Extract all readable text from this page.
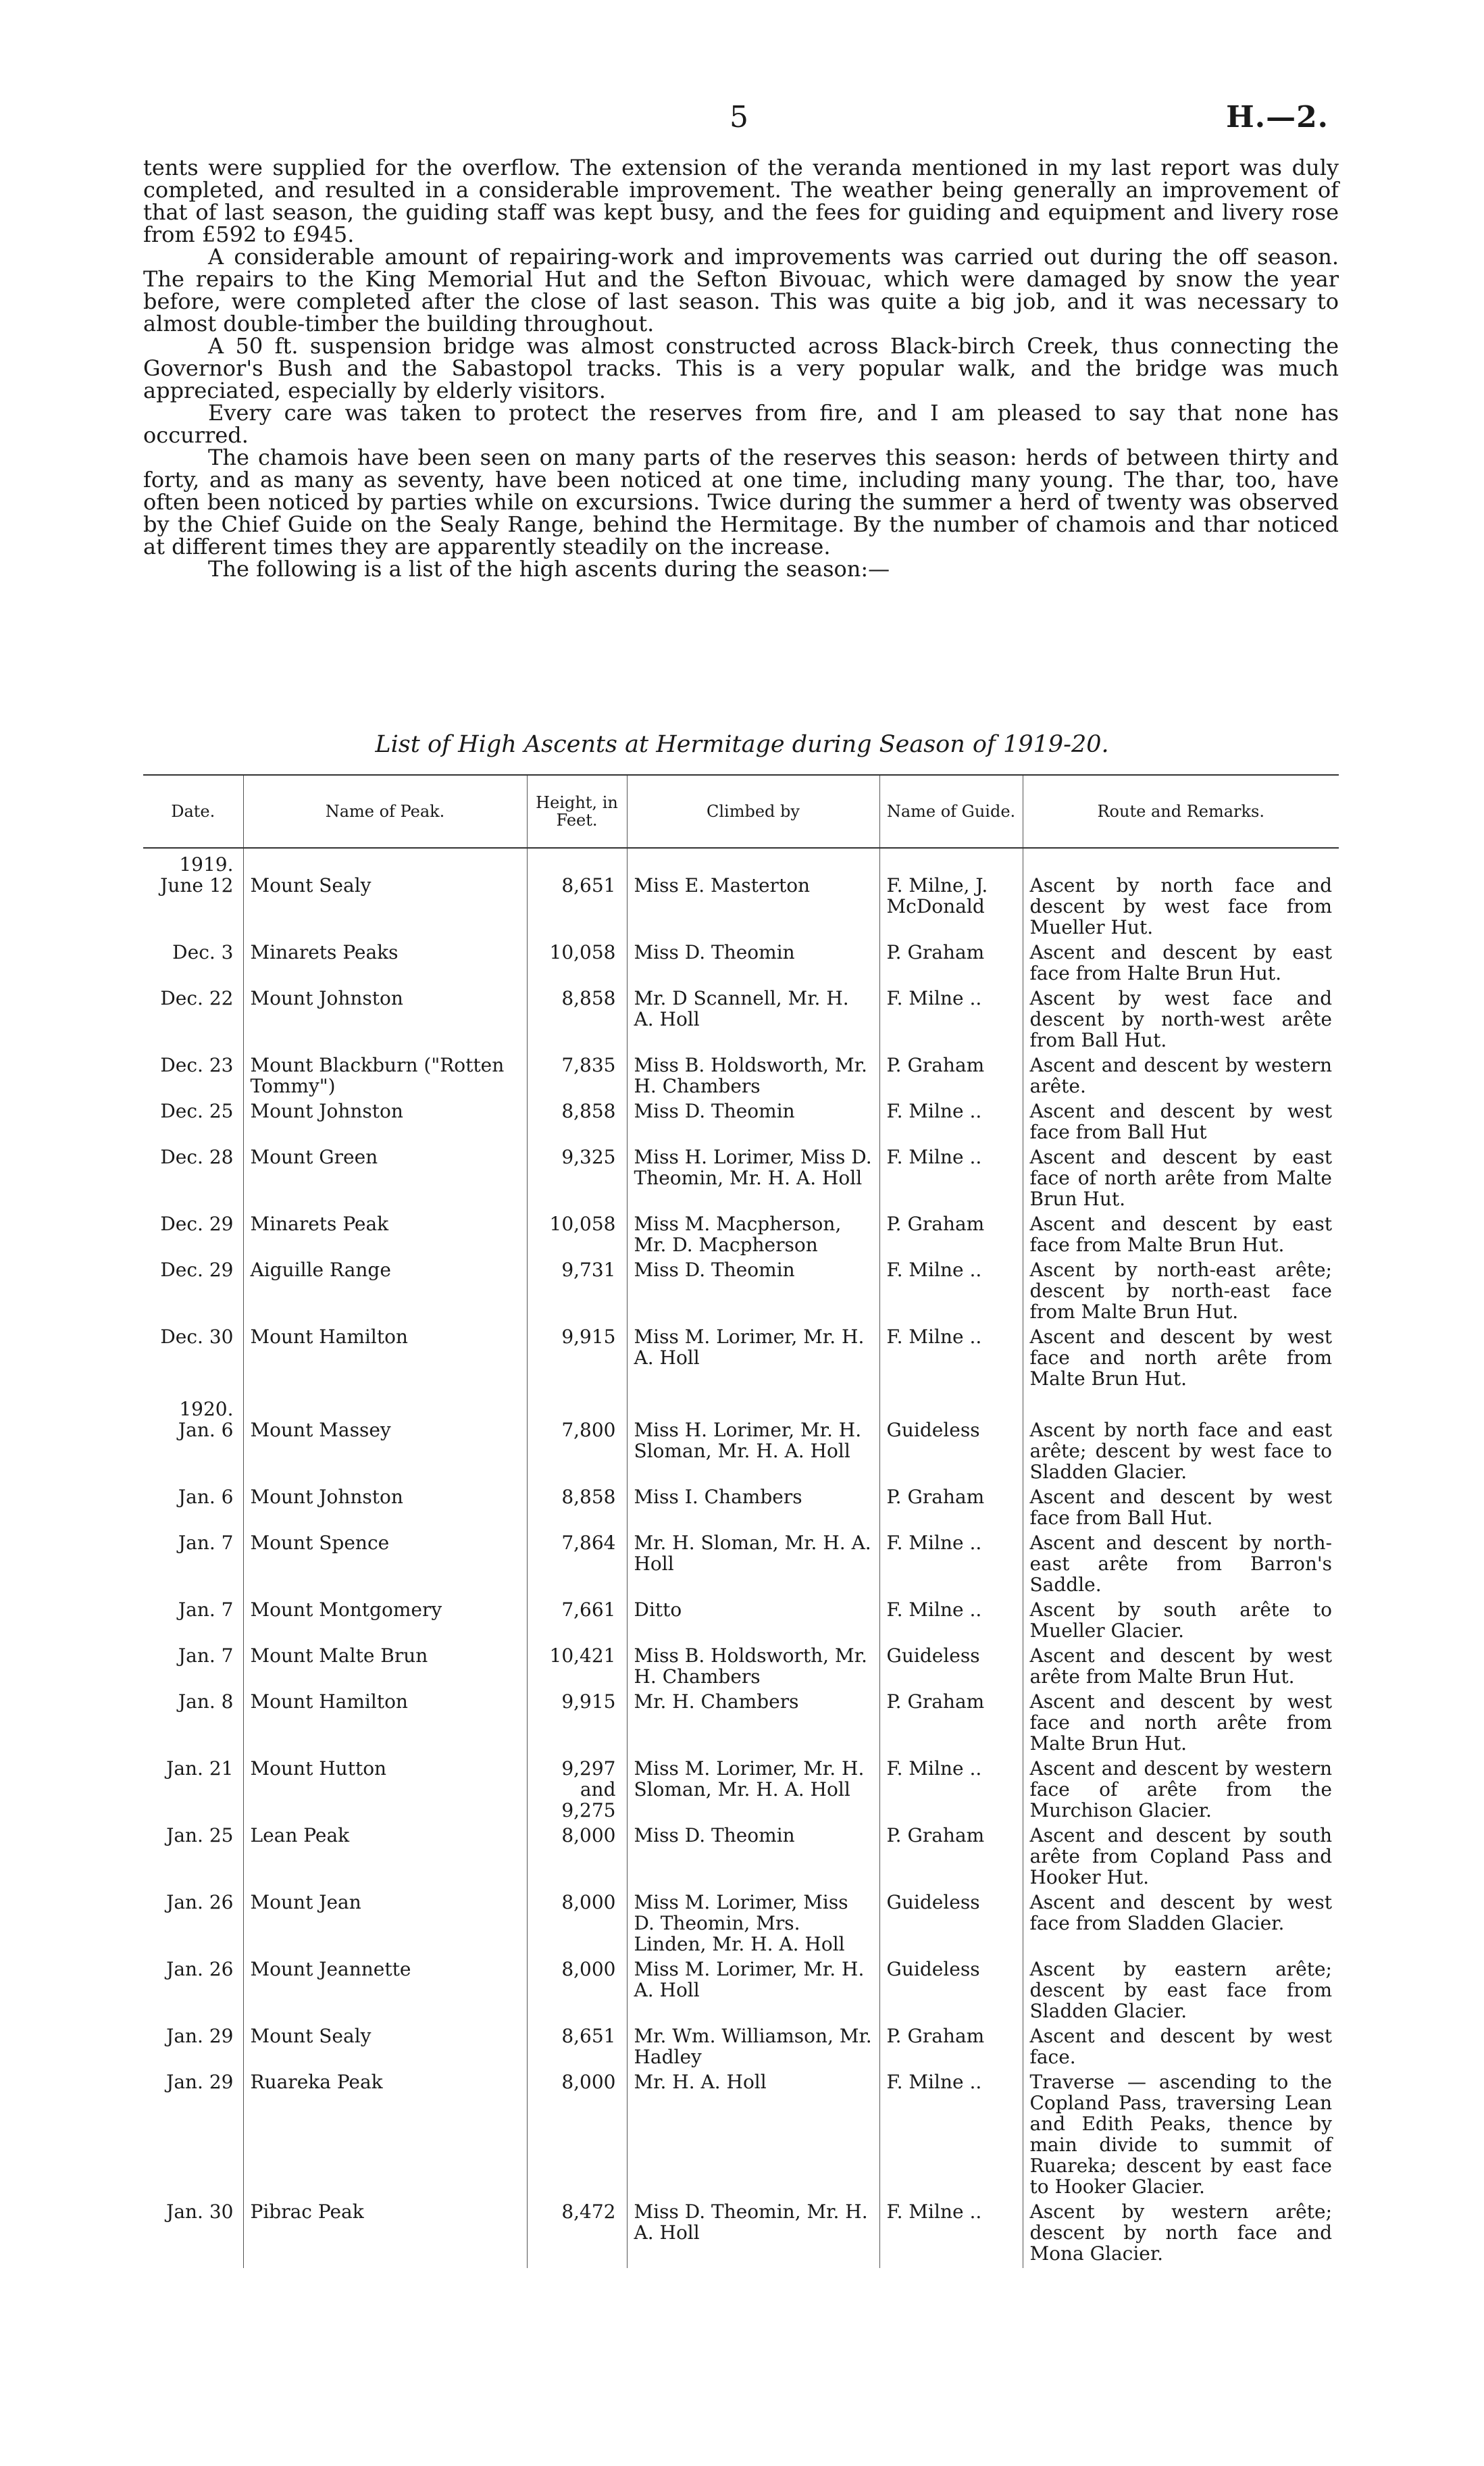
5	H.—2.

tents were supplied for the overflow. The extension of the veranda mentioned in my last report was duly completed, and resulted in a considerable improvement. The weather being generally an improvement of that of last season, the guiding staff was kept busy, and the fees for guiding and equipment and livery rose from £592 to £945.

A considerable amount of repairing-work and improvements was carried out during the off season. The repairs to the King Memorial Hut and the Sefton Bivouac, which were damaged by snow the year before, were completed after the close of last season. This was quite a big job, and it was necessary to almost double-timber the building throughout.

A 50 ft. suspension bridge was almost constructed across Black-birch Creek, thus connecting the Governor's Bush and the Sabastopol tracks. This is a very popular walk, and the bridge was much appreciated, especially by elderly visitors.

Every care was taken to protect the reserves from fire, and I am pleased to say that none has occurred.

The chamois have been seen on many parts of the reserves this season: herds of between thirty and forty, and as many as seventy, have been noticed at one time, including many young. The thar, too, have often been noticed by parties while on excursions. Twice during the summer a herd of twenty was observed by the Chief Guide on the Sealy Range, behind the Hermitage. By the number of chamois and thar noticed at different times they are apparently steadily on the increase.

The following is a list of the high ascents during the season:—

List of High Ascents at Hermitage during Season of 1919-20.
Date.	Name of Peak.	Height, in Feet.	Climbed by	Name of Guide.	Route and Remarks.
1919.					
June 12	Mount Sealy	8,651	Miss E. Masterton	F. Milne, J. McDonald	Ascent by north face and descent by west face from Mueller Hut.
Dec. 3	Minarets Peaks	10,058	Miss D. Theomin	P. Graham	Ascent and descent by east face from Halte Brun Hut.
Dec. 22	Mount Johnston	8,858	Mr. D Scannell, Mr. H. A. Holl	F. Milne ..	Ascent by west face and descent by north-west arête from Ball Hut.
Dec. 23	Mount Blackburn ("Rotten Tommy")	7,835	Miss B. Holdsworth, Mr. H. Chambers	P. Graham	Ascent and descent by western arête.
Dec. 25	Mount Johnston	8,858	Miss D. Theomin	F. Milne ..	Ascent and descent by west face from Ball Hut
Dec. 28	Mount Green	9,325	Miss H. Lorimer, Miss D. Theomin, Mr. H. A. Holl	F. Milne ..	Ascent and descent by east face of north arête from Malte Brun Hut.
Dec. 29	Minarets Peak	10,058	Miss M. Macpherson, Mr. D. Macpherson	P. Graham	Ascent and descent by east face from Malte Brun Hut.
Dec. 29	Aiguille Range	9,731	Miss D. Theomin	F. Milne ..	Ascent by north-east arête; descent by north-east face from Malte Brun Hut.
Dec. 30	Mount Hamilton	9,915	Miss M. Lorimer, Mr. H. A. Holl	F. Milne ..	Ascent and descent by west face and north arête from Malte Brun Hut.
1920.					
Jan. 6	Mount Massey	7,800	Miss H. Lorimer, Mr. H. Sloman, Mr. H. A. Holl	Guideless	Ascent by north face and east arête; descent by west face to Sladden Glacier.
Jan. 6	Mount Johnston	8,858	Miss I. Chambers	P. Graham	Ascent and descent by west face from Ball Hut.
Jan. 7	Mount Spence	7,864	Mr. H. Sloman, Mr. H. A. Holl	F. Milne ..	Ascent and descent by north-east arête from Barron's Saddle.
Jan. 7	Mount Montgomery	7,661	Ditto	F. Milne ..	Ascent by south arête to Mueller Glacier.
Jan. 7	Mount Malte Brun	10,421	Miss B. Holdsworth, Mr. H. Chambers	Guideless	Ascent and descent by west arête from Malte Brun Hut.
Jan. 8	Mount Hamilton	9,915	Mr. H. Chambers	P. Graham	Ascent and descent by west face and north arête from Malte Brun Hut.
Jan. 21	Mount Hutton	9,297 and 9,275	Miss M. Lorimer, Mr. H. Sloman, Mr. H. A. Holl	F. Milne ..	Ascent and descent by western face of arête from the Murchison Glacier.
Jan. 25	Lean Peak	8,000	Miss D. Theomin	P. Graham	Ascent and descent by south arête from Copland Pass and Hooker Hut.
Jan. 26	Mount Jean	8,000	Miss M. Lorimer, Miss D. Theomin, Mrs. Linden, Mr. H. A. Holl	Guideless	Ascent and descent by west face from Sladden Glacier.
Jan. 26	Mount Jeannette	8,000	Miss M. Lorimer, Mr. H. A. Holl	Guideless	Ascent by eastern arête; descent by east face from Sladden Glacier.
Jan. 29	Mount Sealy	8,651	Mr. Wm. Williamson, Mr. Hadley	P. Graham	Ascent and descent by west face.
Jan. 29	Ruareka Peak	8,000	Mr. H. A. Holl	F. Milne ..	Traverse — ascending to the Copland Pass, traversing Lean and Edith Peaks, thence by main divide to summit of Ruareka; descent by east face to Hooker Glacier.
Jan. 30	Pibrac Peak	8,472	Miss D. Theomin, Mr. H. A. Holl	F. Milne ..	Ascent by western arête; descent by north face and Mona Glacier.
